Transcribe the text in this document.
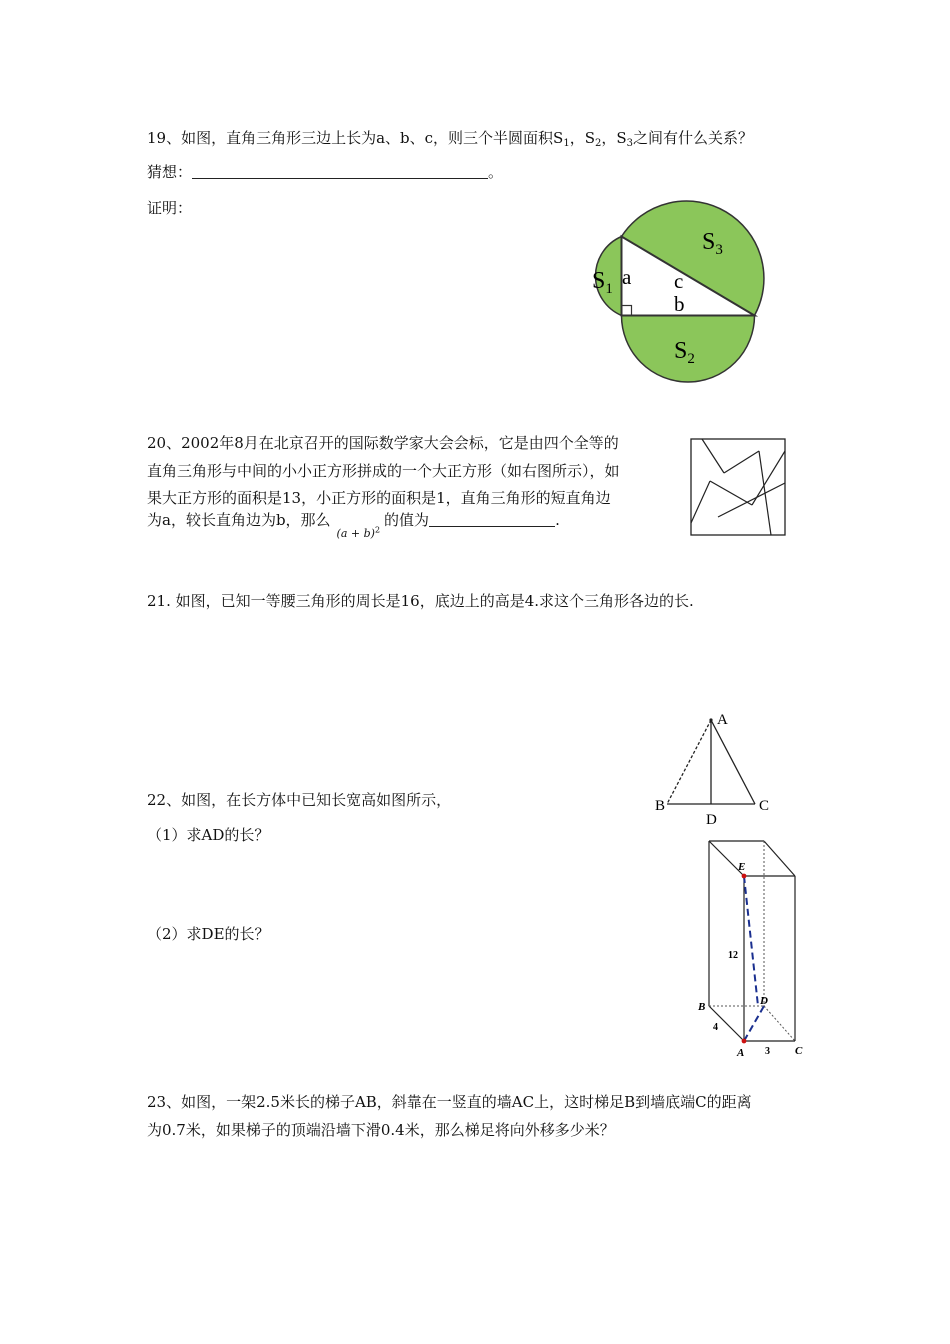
19、如图，直角三角形三边上长为a、b、c，则三个半圆面积$S_1$，$S_2$，$S_3$之间有什么关系？
猜想：	。
证明：
$S_1$
$S_2$
$S_3$
a c
b
20、2002年8月在北京召开的国际数学家大会会标，它是由四个全等的
直角三角形与中间的小小正方形拼成的一个大正方形（如右图所示），如
果大正方形的面积是13，小正方形的面积是1，直角三角形的短直角边
为a，较长直角边为b，那么$_{(a + b)^2}$的值为	.
21. 如图，已知一等腰三角形的周长是16，底边上的高是4.求这个三角形各边的长.
A
B	C
D
22、如图，在长方体中已知长宽高如图所示，
（1）求AD的长？
（2）求DE的长？
E
12
B	D
4
A 3 C
23、如图，一架2.5米长的梯子AB，斜靠在一竖直的墙AC上，这时梯足B到墙底端C的距离
为0.7米，如果梯子的顶端沿墙下滑0.4米，那么梯足将向外移多少米？
